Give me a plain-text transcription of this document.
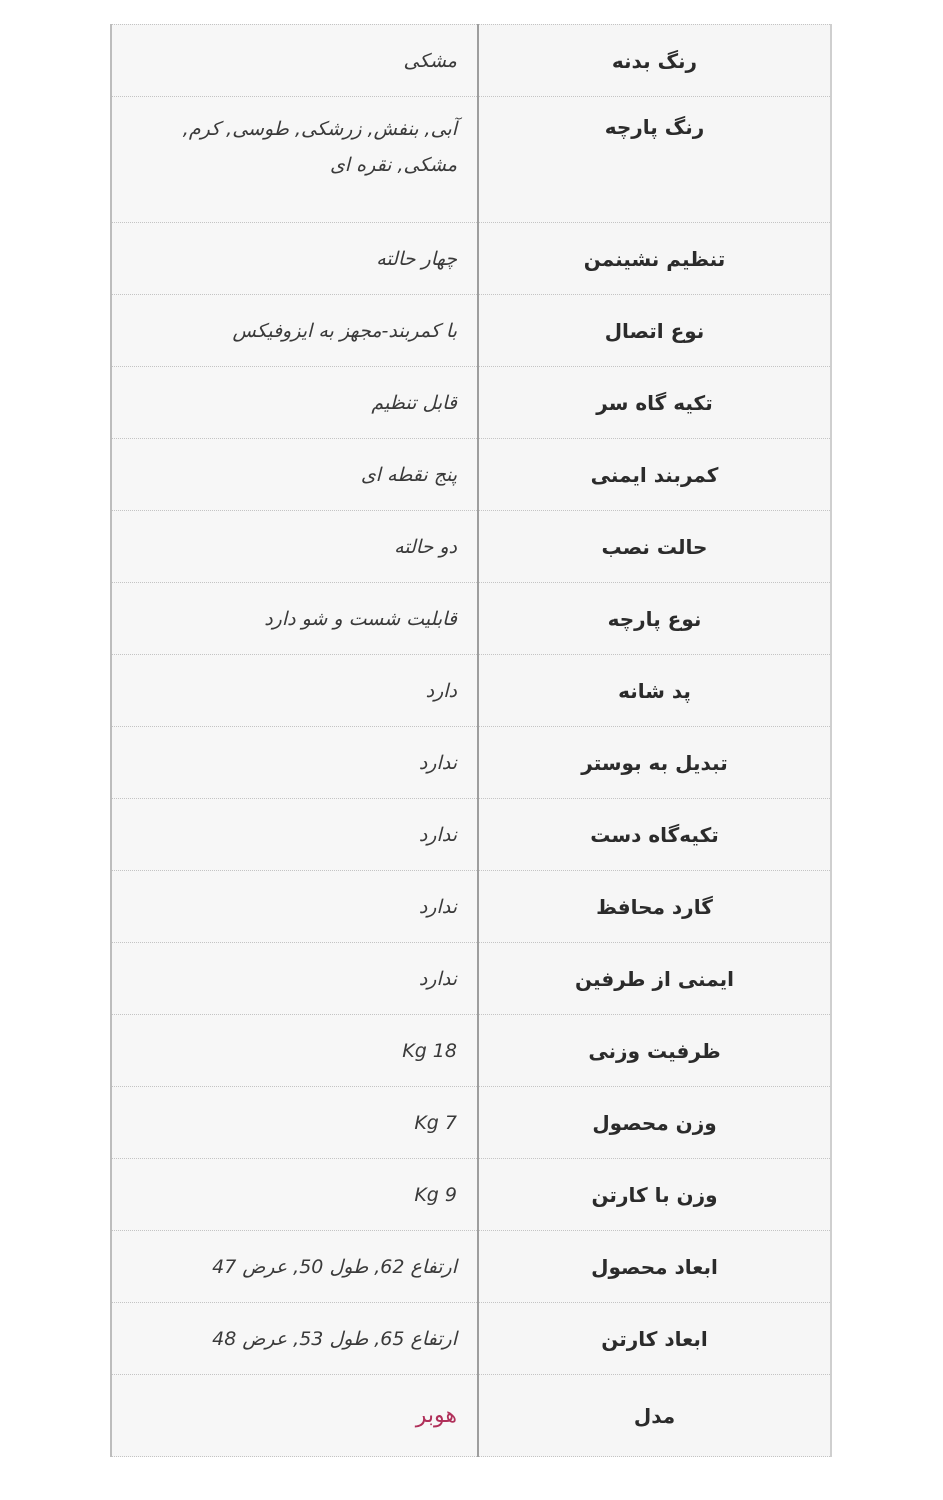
رنگ بدنه	مشکی
رنگ پارچه	آبی, بنفش, زرشکی, طوسی, کرم, مشکی, نقره ای
تنظیم نشینمن	چهار حالته
نوع اتصال	با کمربند-مجهز به ایزوفیکس
تکیه گاه سر	قابل تنظیم
کمربند ایمنی	پنج نقطه ای
حالت نصب	دو حالته
نوع پارچه	قابلیت شست و شو دارد
پد شانه	دارد
تبدیل به بوستر	ندارد
تکیه‌گاه دست	ندارد
گارد محافظ	ندارد
ایمنی از طرفین	ندارد
ظرفیت وزنی	Kg 18
وزن محصول	Kg 7
وزن با کارتن	Kg 9
ابعاد محصول	ارتفاع 62, طول 50, عرض 47
ابعاد کارتن	ارتفاع 65, طول 53, عرض 48
مدل	هوبر
